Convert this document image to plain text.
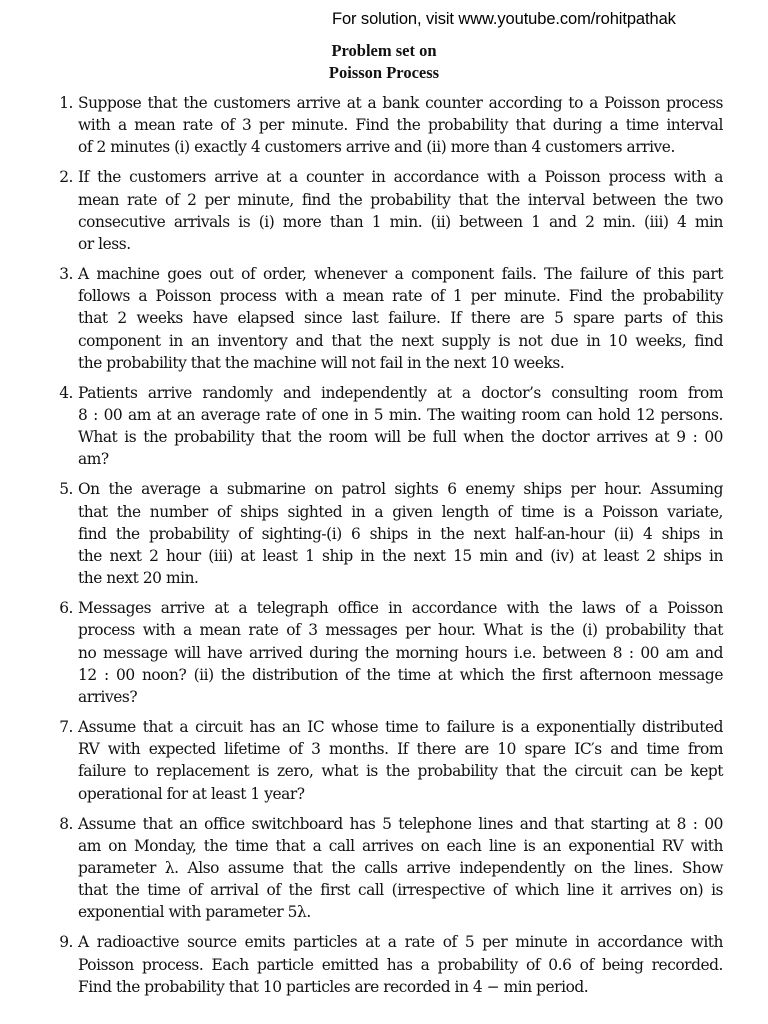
For solution, visit www.youtube.com/rohitpathak
Problem set on
Poisson Process
1. Suppose that the customers arrive at a bank counter according to a Poisson process
with a mean rate of 3 per minute. Find the probability that during a time interval
of 2 minutes (i) exactly 4 customers arrive and (ii) more than 4 customers arrive.
2. If the customers arrive at a counter in accordance with a Poisson process with a
mean rate of 2 per minute, find the probability that the interval between the two
consecutive arrivals is (i) more than 1 min. (ii) between 1 and 2 min. (iii) 4 min
or less.
3. A machine goes out of order, whenever a component fails. The failure of this part
follows a Poisson process with a mean rate of 1 per minute. Find the probability
that 2 weeks have elapsed since last failure. If there are 5 spare parts of this
component in an inventory and that the next supply is not due in 10 weeks, find
the probability that the machine will not fail in the next 10 weeks.
4. Patients arrive randomly and independently at a doctor’s consulting room from
8 : 00 am at an average rate of one in 5 min. The waiting room can hold 12 persons.
What is the probability that the room will be full when the doctor arrives at 9 : 00
am?
5. On the average a submarine on patrol sights 6 enemy ships per hour. Assuming
that the number of ships sighted in a given length of time is a Poisson variate,
find the probability of sighting-(i) 6 ships in the next half-an-hour (ii) 4 ships in
the next 2 hour (iii) at least 1 ship in the next 15 min and (iv) at least 2 ships in
the next 20 min.
6. Messages arrive at a telegraph office in accordance with the laws of a Poisson
process with a mean rate of 3 messages per hour. What is the (i) probability that
no message will have arrived during the morning hours i.e. between 8 : 00 am and
12 : 00 noon? (ii) the distribution of the time at which the first afternoon message
arrives?
7. Assume that a circuit has an IC whose time to failure is a exponentially distributed
RV with expected lifetime of 3 months. If there are 10 spare IC′s and time from
failure to replacement is zero, what is the probability that the circuit can be kept
operational for at least 1 year?
8. Assume that an office switchboard has 5 telephone lines and that starting at 8 : 00
am on Monday, the time that a call arrives on each line is an exponential RV with
parameter λ. Also assume that the calls arrive independently on the lines. Show
that the time of arrival of the first call (irrespective of which line it arrives on) is
exponential with parameter 5λ.
9. A radioactive source emits particles at a rate of 5 per minute in accordance with
Poisson process. Each particle emitted has a probability of 0.6 of being recorded.
Find the probability that 10 particles are recorded in 4 − min period.
